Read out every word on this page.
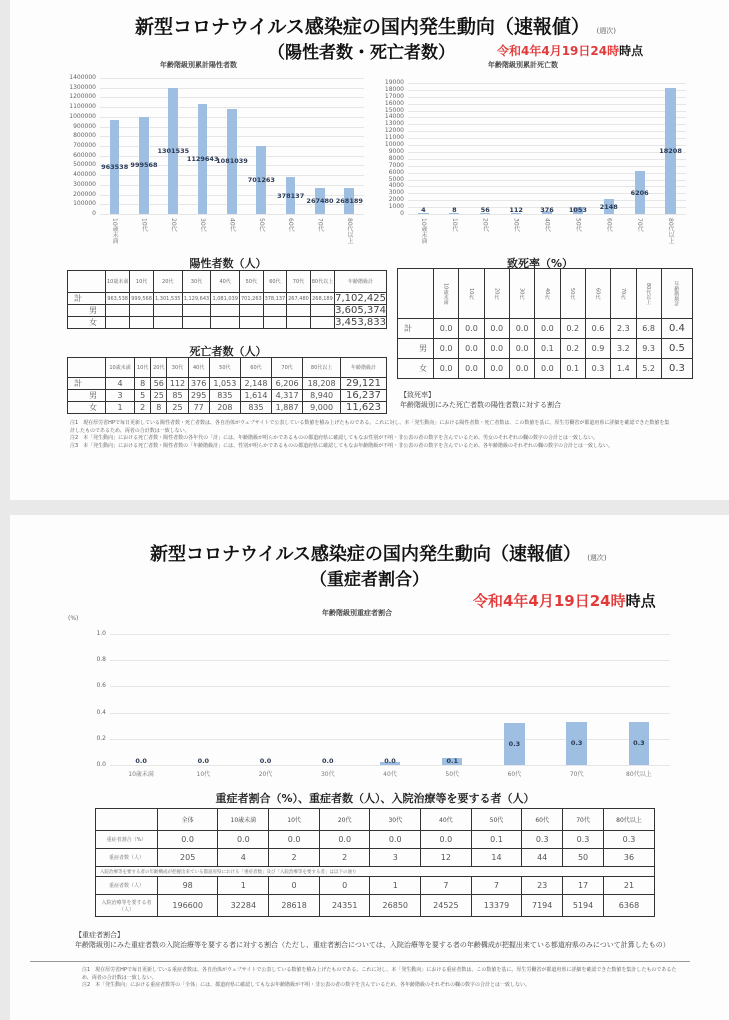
新型コロナウイルス感染症の国内発生動向（速報値） (週次)
（陽性者数・死亡者数）	令和4年4月19日24時時点
年齢階級別累計陽性者数	年齢階級別累計死亡数
0
100000
200000
300000
400000
500000
600000
700000
800000
900000
1000000
1100000
1200000
1300000
1400000
963538
10歳未満
999568
10代
1301535
20代
1129643
30代
1081039
40代
701263
50代
378137
60代
267480
70代
268189
80代以上
0
1000
2000
3000
4000
5000
6000
7000
8000
9000
10000
11000
12000
13000
14000
15000
16000
17000
18000
19000
4
10歳未満
8
10代
56
20代
112
30代
376
40代
1053
50代
2148
60代
6206
70代
18208
80代以上
陽性者数（人）
	10歳未満	10代	20代	30代	40代	50代	60代	70代	80代以上	年齢階級計
計	963,538	999,568	1,301,535	1,129,643	1,081,039	701,263	378,137	267,480	268,189	7,102,425
男										3,605,374
女										3,453,833
死亡者数（人）
	10歳未満	10代	20代	30代	40代	50代	60代	70代	80代以上	年齢階級計
計	4	8	56	112	376	1,053	2,148	6,206	18,208	29,121
男	3	5	25	85	295	835	1,614	4,317	8,940	16,237
女	1	2	8	25	77	208	835	1,887	9,000	11,623
致死率（%）
	10歳未満	10代	20代	30代	40代	50代	60代	70代	80代以上	年齢階級計
計	0.0	0.0	0.0	0.0	0.0	0.2	0.6	2.3	6.8	0.4
男	0.0	0.0	0.0	0.0	0.1	0.2	0.9	3.2	9.3	0.5
女	0.0	0.0	0.0	0.0	0.0	0.1	0.3	1.4	5.2	0.3
【致死率】
年齢階級別にみた死亡者数の陽性者数に対する割合
注1　現在厚労省HPで毎日更新している陽性者数・死亡者数は、各自治体がウェブサイトで公表している数値を積み上げたものである。これに対し、本「発生動向」における陽性者数・死亡者数は、この数値を基に、厚生労働省が都道府県に詳細を確認できた数値を集計したものであるため、両者の合計数は一致しない。
注2　本「発生動向」における死亡者数・陽性者数の各年代の「計」には、年齢階級が明らかであるものの都道府県に確認してもなお性別が不明・非公表の者の数字を含んでいるため、男女のそれぞれの欄の数字の合計とは一致しない。
注3　本「発生動向」における死亡者数・陽性者数の「年齢階級計」には、性別が明らかであるものの都道府県に確認してもなお年齢階級が不明・非公表の者の数字を含んでいるため、各年齢階級のそれぞれの欄の数字の合計とは一致しない。
新型コロナウイルス感染症の国内発生動向（速報値） (週次)
（重症者割合）
令和4年4月19日24時時点
年齢階級別重症者割合
(%)
0.0
0.2
0.4
0.6
0.8
1.0
0.0
10歳未満
0.0
10代
0.0
20代
0.0
30代
0.0
40代
0.1
50代
0.3
60代
0.3
70代
0.3
80代以上
重症者割合（%）、重症者数（人）、入院治療等を要する者（人）
	全体	10歳未満	10代	20代	30代	40代	50代	60代	70代	80代以上
重症者割合（%）	0.0	0.0	0.0	0.0	0.0	0.0	0.1	0.3	0.3	0.3
重症者数（人）	205	4	2	2	3	12	14	44	50	36
入院治療等を要する者の年齢構成が把握出来ている都道府県における「重症者数」及び「入院治療等を要する者」は以下の通り										
重症者数（人）	98	1	0	0	1	7	7	23	17	21
入院治療等を要する者（人）	196600	32284	28618	24351	26850	24525	13379	7194	5194	6368
【重症者割合】
年齢階級別にみた重症者数の入院治療等を要する者に対する割合（ただし、重症者割合については、入院治療等を要する者の年齢構成が把握出来ている都道府県のみについて計算したもの）
注1　現在厚労省HPで毎日更新している重症者数は、各自治体がウェブサイトで公表している数値を積み上げたものである。これに対し、本「発生動向」における重症者数は、この数値を基に、厚生労働省が都道府県に詳細を確認できた数値を集計したものであるため、両者の合計数は一致しない。
注2　本「発生動向」における重症者数等の「全体」には、都道府県に確認してもなお年齢階級が不明・非公表の者の数字を含んでいるため、各年齢階級のそれぞれの欄の数字の合計とは一致しない。
